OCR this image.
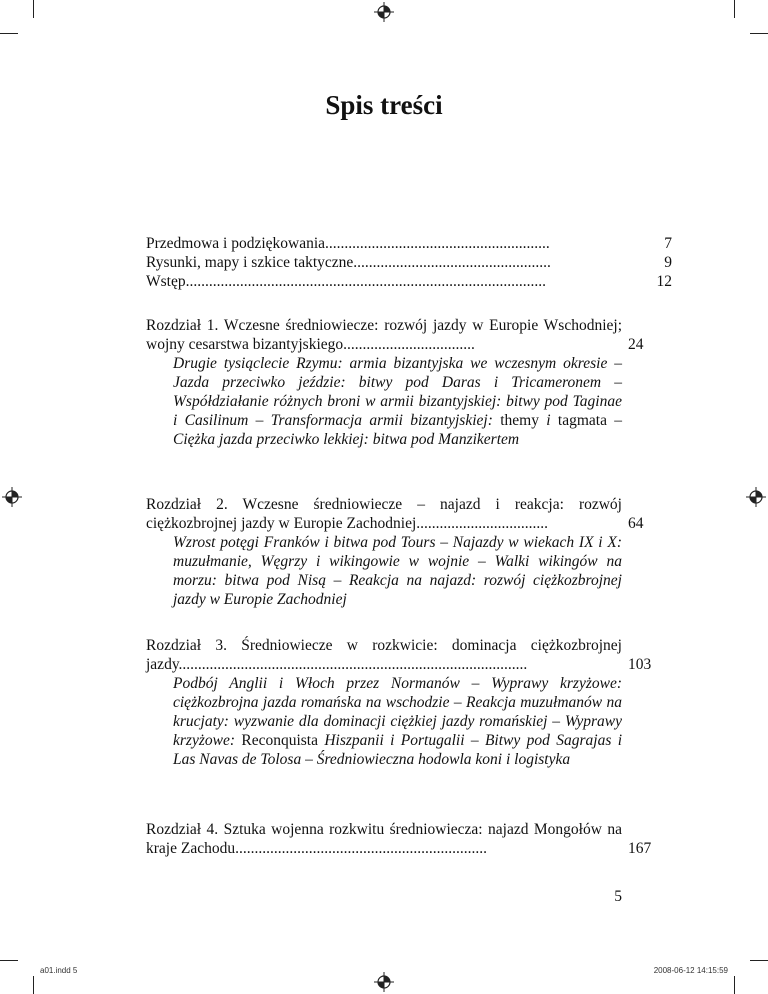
Spis treści
Przedmowa i podziękowania..........................................................	7
Rysunki, mapy i szkice taktyczne...................................................	9
Wstęp.............................................................................................	12
Rozdział 1. Wczesne średniowiecze: rozwój jazdy w Europie Wschodniej; wojny cesarstwa bizantyjskiego..................................	24
Drugie tysiąclecie Rzymu: armia bizantyjska we wczesnym okresie – Jazda przeciwko jeździe: bitwy pod Daras i Tricameronem – Współdziałanie różnych broni w armii bizantyjskiej: bitwy pod Taginae i Casilinum – Transformacja armii bizantyjskiej: themy i tagmata – Ciężka jazda przeciwko lekkiej: bitwa pod Manzikertem
Rozdział 2. Wczesne średniowiecze – najazd i reakcja: rozwój ciężkozbrojnej jazdy w Europie Zachodniej..................................	64
Wzrost potęgi Franków i bitwa pod Tours – Najazdy w wiekach IX i X: muzułmanie, Węgrzy i wikingowie w wojnie – Walki wikingów na morzu: bitwa pod Nisą – Reakcja na najazd: rozwój ciężkozbrojnej jazdy w Europie Zachodniej
Rozdział 3. Średniowiecze w rozkwicie: dominacja ciężkozbrojnej jazdy..........................................................................................	103
Podbój Anglii i Włoch przez Normanów – Wyprawy krzyżowe: ciężkozbrojna jazda romańska na wschodzie – Reakcja muzułmanów na krucjaty: wyzwanie dla dominacji ciężkiej jazdy romańskiej – Wyprawy krzyżowe: Reconquista Hiszpanii i Portugalii – Bitwy pod Sagrajas i Las Navas de Tolosa – Średniowieczna hodowla koni i logistyka
Rozdział 4. Sztuka wojenna rozkwitu średniowiecza: najazd Mongołów na kraje Zachodu.................................................................	167
5
a01.indd 5	2008-06-12 14:15:59
